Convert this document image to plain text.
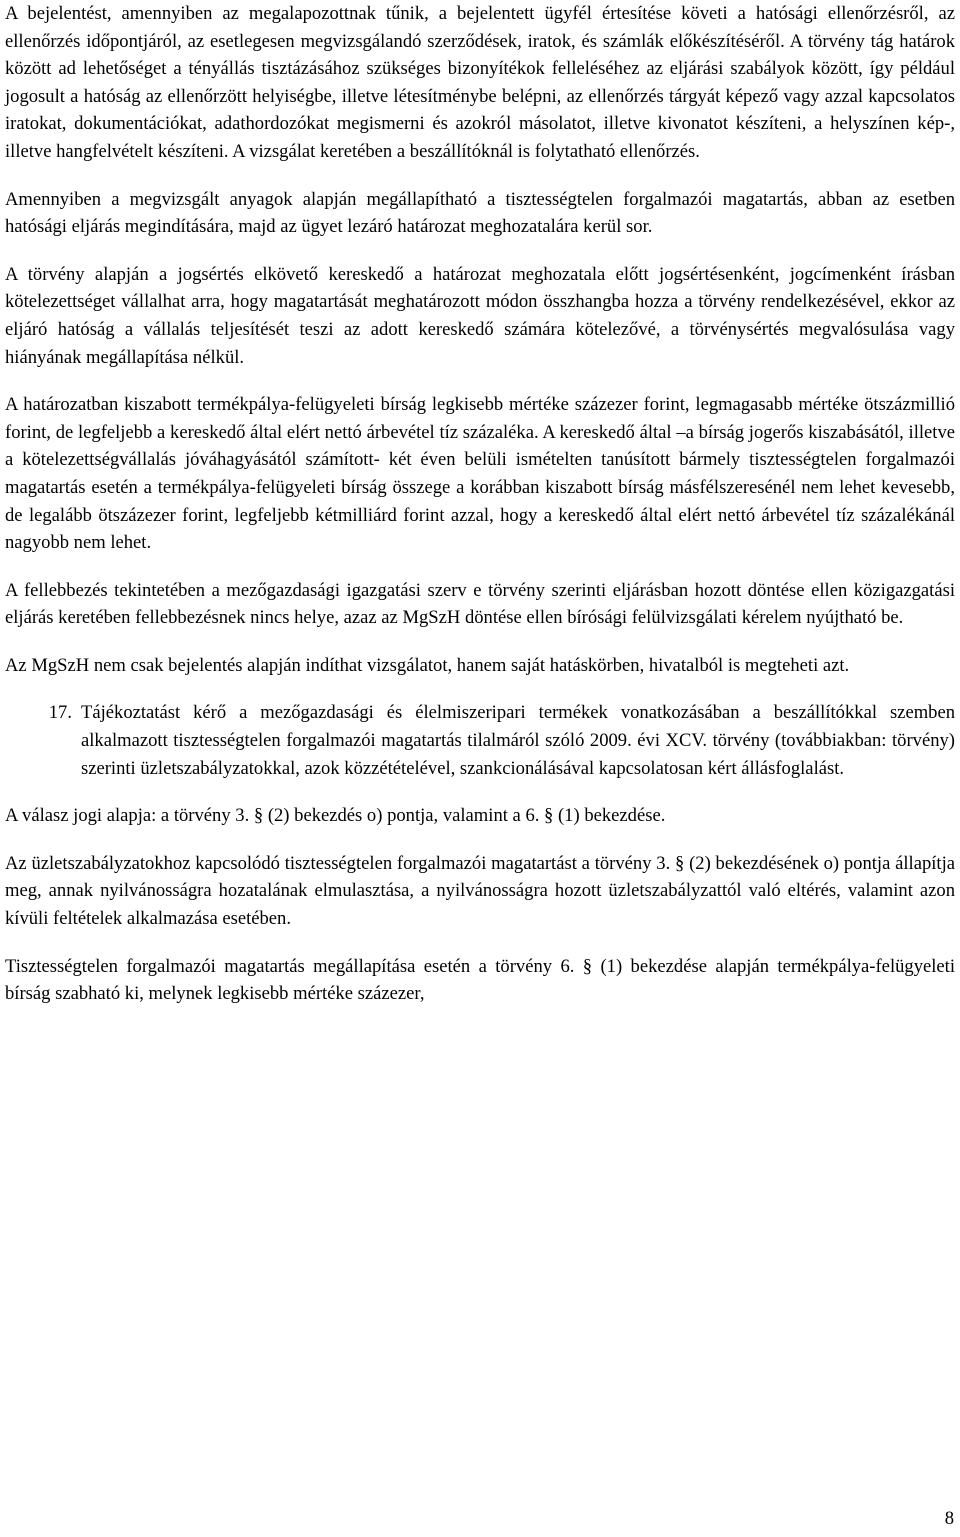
A bejelentést, amennyiben az megalapozottnak tűnik, a bejelentett ügyfél értesítése követi a hatósági ellenőrzésről, az ellenőrzés időpontjáról, az esetlegesen megvizsgálandó szerződések, iratok, és számlák előkészítéséről. A törvény tág határok között ad lehetőséget a tényállás tisztázásához szükséges bizonyítékok felleléséhez az eljárási szabályok között, így például jogosult a hatóság az ellenőrzött helyiségbe, illetve létesítménybe belépni, az ellenőrzés tárgyát képező vagy azzal kapcsolatos iratokat, dokumentációkat, adathordozókat megismerni és azokról másolatot, illetve kivonatot készíteni, a helyszínen kép-, illetve hangfelvételt készíteni. A vizsgálat keretében a beszállítóknál is folytatható ellenőrzés.

Amennyiben a megvizsgált anyagok alapján megállapítható a tisztességtelen forgalmazói magatartás, abban az esetben hatósági eljárás megindítására, majd az ügyet lezáró határozat meghozatalára kerül sor.

A törvény alapján a jogsértés elkövető kereskedő a határozat meghozatala előtt jogsértésenként, jogcímenként írásban kötelezettséget vállalhat arra, hogy magatartását meghatározott módon összhangba hozza a törvény rendelkezésével, ekkor az eljáró hatóság a vállalás teljesítését teszi az adott kereskedő számára kötelezővé, a törvénysértés megvalósulása vagy hiányának megállapítása nélkül.

A határozatban kiszabott termékpálya-felügyeleti bírság legkisebb mértéke százezer forint, legmagasabb mértéke ötszázmillió forint, de legfeljebb a kereskedő által elért nettó árbevétel tíz százaléka. A kereskedő által –a bírság jogerős kiszabásától, illetve a kötelezettségvállalás jóváhagyásától számított- két éven belüli ismételten tanúsított bármely tisztességtelen forgalmazói magatartás esetén a termékpálya-felügyeleti bírság összege a korábban kiszabott bírság másfélszeresénél nem lehet kevesebb, de legalább ötszázezer forint, legfeljebb kétmilliárd forint azzal, hogy a kereskedő által elért nettó árbevétel tíz százalékánál nagyobb nem lehet.

A fellebbezés tekintetében a mezőgazdasági igazgatási szerv e törvény szerinti eljárásban hozott döntése ellen közigazgatási eljárás keretében fellebbezésnek nincs helye, azaz az MgSzH döntése ellen bírósági felülvizsgálati kérelem nyújtható be.

Az MgSzH nem csak bejelentés alapján indíthat vizsgálatot, hanem saját hatáskörben, hivatalból is megteheti azt.

17. Tájékoztatást kérő a mezőgazdasági és élelmiszeripari termékek vonatkozásában a beszállítókkal szemben alkalmazott tisztességtelen forgalmazói magatartás tilalmáról szóló 2009. évi XCV. törvény (továbbiakban: törvény) szerinti üzletszabályzatokkal, azok közzétételével, szankcionálásával kapcsolatosan kért állásfoglalást.

A válasz jogi alapja: a törvény 3. § (2) bekezdés o) pontja, valamint a 6. § (1) bekezdése.

Az üzletszabályzatokhoz kapcsolódó tisztességtelen forgalmazói magatartást a törvény 3. § (2) bekezdésének o) pontja állapítja meg, annak nyilvánosságra hozatalának elmulasztása, a nyilvánosságra hozott üzletszabályzattól való eltérés, valamint azon kívüli feltételek alkalmazása esetében.

Tisztességtelen forgalmazói magatartás megállapítása esetén a törvény 6. § (1) bekezdése alapján termékpálya-felügyeleti bírság szabható ki, melynek legkisebb mértéke százezer,

8
